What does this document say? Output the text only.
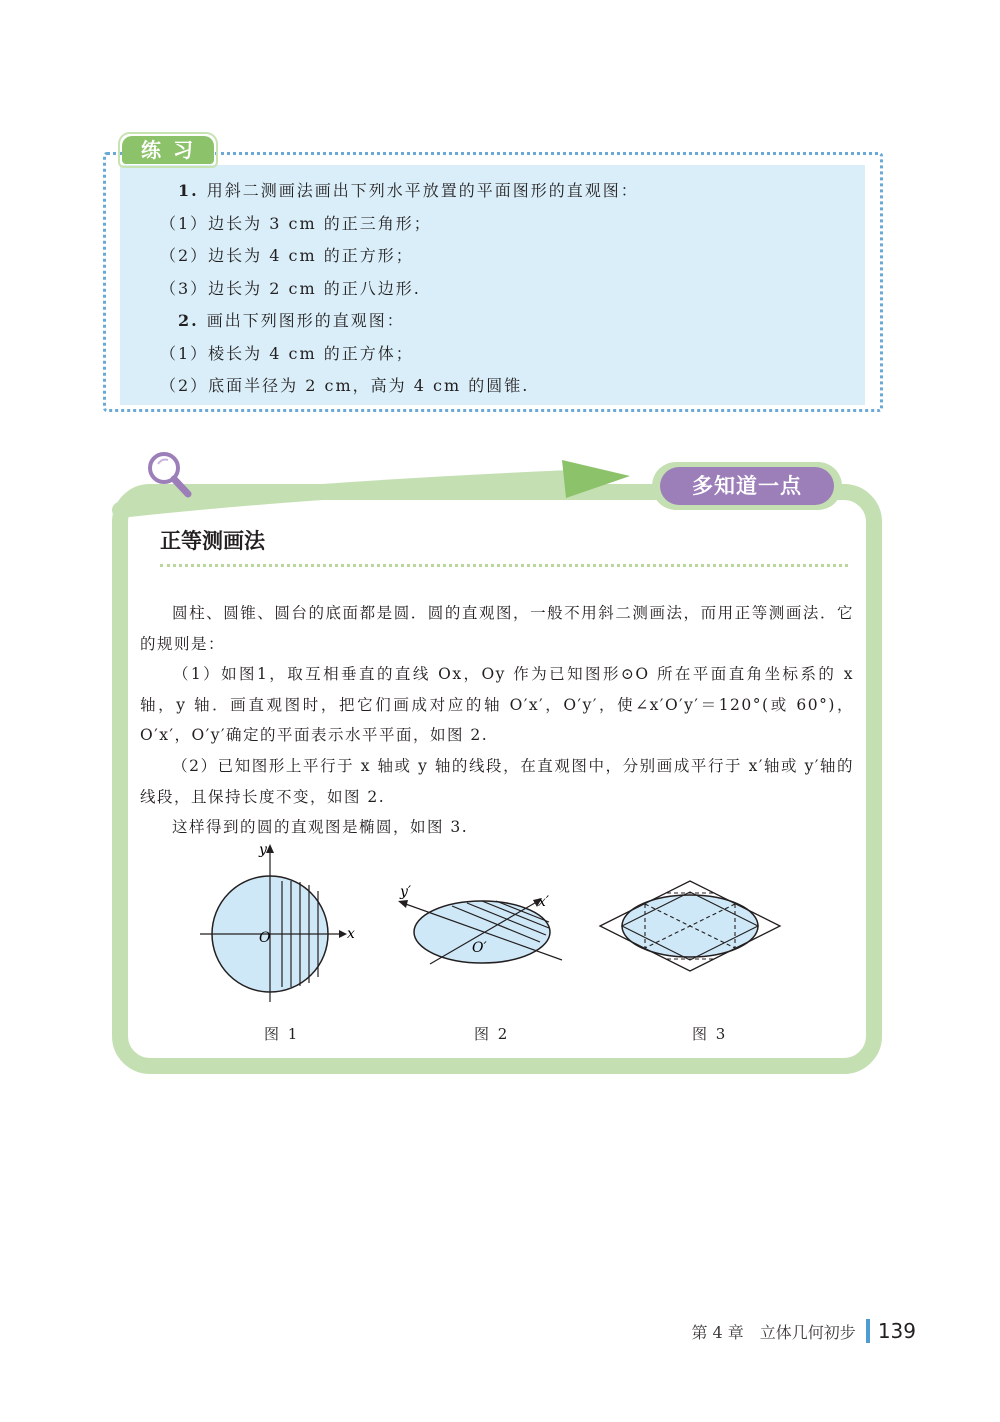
练习
1. 用斜二测画法画出下列水平放置的平面图形的直观图：
（1）边长为 3 cm 的正三角形；
（2）边长为 4 cm 的正方形；
（3）边长为 2 cm 的正八边形.
2. 画出下列图形的直观图：
（1）棱长为 4 cm 的正方体；
（2）底面半径为 2 cm，高为 4 cm 的圆锥.
多知道一点
正等测画法
圆柱、圆锥、圆台的底面都是圆．圆的直观图，一般不用斜二测画法，而用正等测画法．它的规则是：
（1）如图1，取互相垂直的直线 Ox，Oy 作为已知图形⊙O 所在平面直角坐标系的 x 轴，y 轴．画直观图时，把它们画成对应的轴 O′x′，O′y′，使∠x′O′y′＝120°(或 60°)，O′x′，O′y′确定的平面表示水平平面，如图 2.
（2）已知图形上平行于 x 轴或 y 轴的线段，在直观图中，分别画成平行于 x′轴或 y′轴的线段，且保持长度不变，如图 2.
这样得到的圆的直观图是椭圆，如图 3.
y
x
O
y′
x′
O′
图 1	图 2	图 3
第 4 章　立体几何初步 139
